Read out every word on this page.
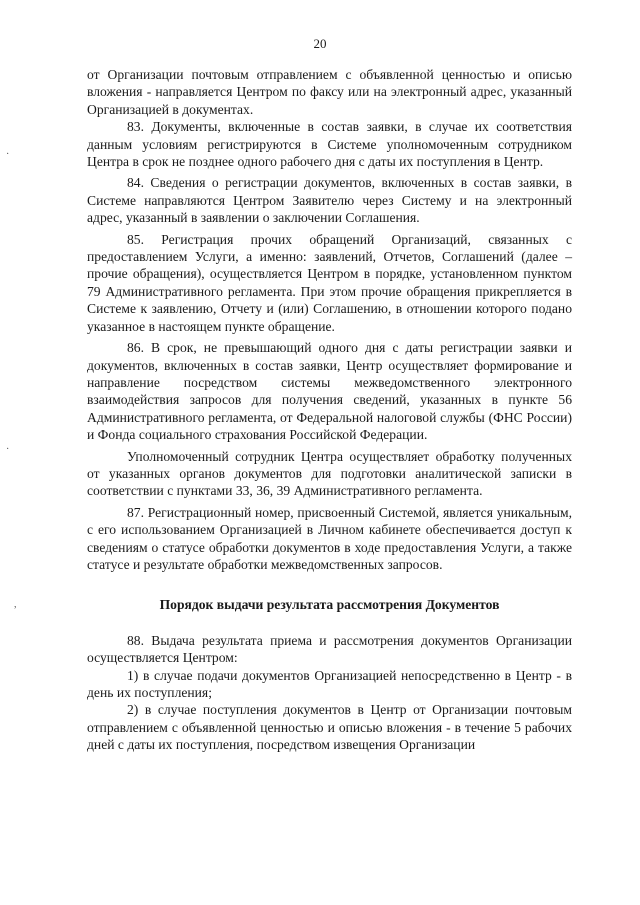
20
·
·
,

от Организации почтовым отправлением с объявленной ценностью и описью вложения - направляется Центром по факсу или на электронный адрес, указанный Организацией в документах.

83. Документы, включенные в состав заявки, в случае их соответствия данным условиям регистрируются в Системе уполномоченным сотрудником Центра в срок не позднее одного рабочего дня с даты их поступления в Центр.

84. Сведения о регистрации документов, включенных в состав заявки, в Системе направляются Центром Заявителю через Систему и на электронный адрес, указанный в заявлении о заключении Соглашения.

85. Регистрация прочих обращений Организаций, связанных с предоставлением Услуги, а именно: заявлений, Отчетов, Соглашений (далее – прочие обращения), осуществляется Центром в порядке, установленном пунктом 79 Административного регламента. При этом прочие обращения прикрепляется в Системе к заявлению, Отчету и (или) Соглашению, в отношении которого подано указанное в настоящем пункте обращение.

86. В срок, не превышающий одного дня с даты регистрации заявки и документов, включенных в состав заявки, Центр осуществляет формирование и направление посредством системы межведомственного электронного взаимодействия запросов для получения сведений, указанных в пункте 56 Административного регламента, от Федеральной налоговой службы (ФНС России) и Фонда социального страхования Российской Федерации.

Уполномоченный сотрудник Центра осуществляет обработку полученных от указанных органов документов для подготовки аналитической записки в соответствии с пунктами 33, 36, 39 Административного регламента.

87. Регистрационный номер, присвоенный Системой, является уникальным, с его использованием Организацией в Личном кабинете обеспечивается доступ к сведениям о статусе обработки документов в ходе предоставления Услуги, а также статусе и результате обработки межведомственных запросов.

Порядок выдачи результата рассмотрения Документов

88. Выдача результата приема и рассмотрения документов Организации осуществляется Центром:

1) в случае подачи документов Организацией непосредственно в Центр - в день их поступления;

2) в случае поступления документов в Центр от Организации почтовым отправлением с объявленной ценностью и описью вложения - в течение 5 рабочих дней с даты их поступления, посредством извещения Организации
